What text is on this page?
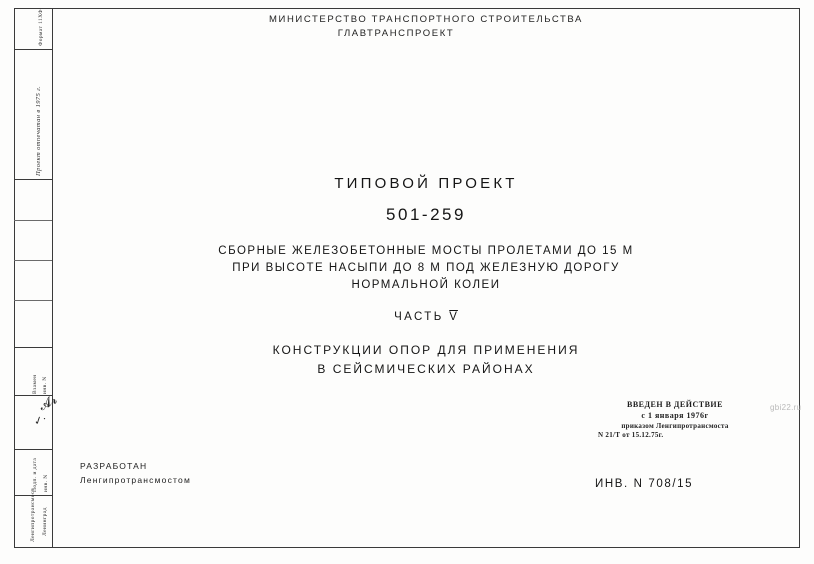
Формат 11ХФ
Проект отпечатан в 1975 г.
Взамен инв. N
𝓐𝓻
✓·
Подп. и дата инв. N
Ленгипротрансмост Ленинград
МИНИСТЕРСТВО ТРАНСПОРТНОГО СТРОИТЕЛЬСТВА
ГЛАВТРАНСПРОЕКТ
ТИПОВОЙ ПРОЕКТ
501-259
СБОРНЫЕ ЖЕЛЕЗОБЕТОННЫЕ МОСТЫ ПРОЛЕТАМИ ДО 15 М
ПРИ ВЫСОТЕ НАСЫПИ ДО 8 М ПОД ЖЕЛЕЗНУЮ ДОРОГУ
НОРМАЛЬНОЙ КОЛЕИ
ЧАСТЬ $\overline{V}$
КОНСТРУКЦИИ ОПОР ДЛЯ ПРИМЕНЕНИЯ
В СЕЙСМИЧЕСКИХ РАЙОНАХ
ВВЕДЕН В ДЕЙСТВИЕ
с 1 января 1976г
приказом Ленгипротрансмоста
N 21/Т от 15.12.75г.
РАЗРАБОТАН
Ленгипротрансмостом	ИНВ. N 708/15
gbi22.ru
